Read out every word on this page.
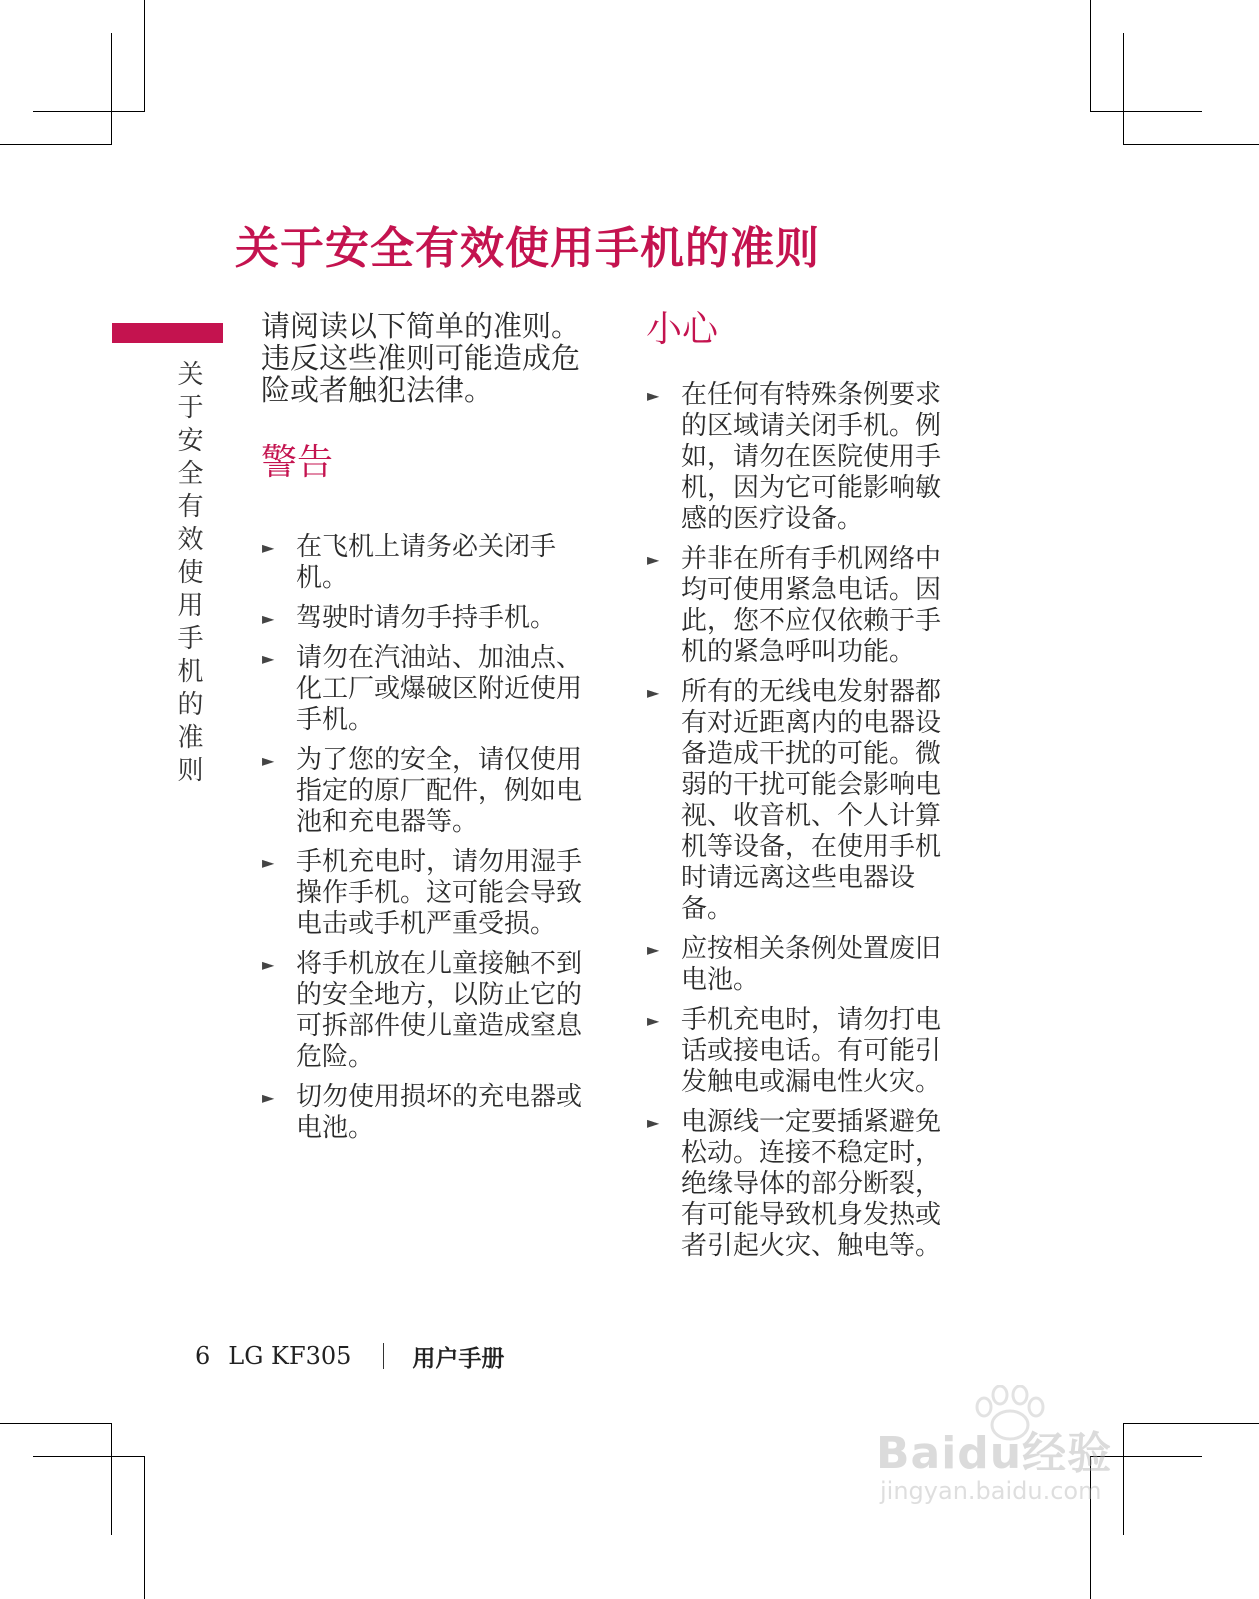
关于安全有效使用手机的准则
关于安全有效使用手机的准则

请阅读以下简单的准则。违反这些准则可能造成危险或者触犯法律。

警告
► 在飞机上请务必关闭手机。
► 驾驶时请勿手持手机。
► 请勿在汽油站、加油点、化工厂或爆破区附近使用手机。
► 为了您的安全，请仅使用指定的原厂配件，例如电池和充电器等。
► 手机充电时，请勿用湿手操作手机。这可能会导致电击或手机严重受损。
► 将手机放在儿童接触不到的安全地方，以防止它的可拆部件使儿童造成窒息危险。
► 切勿使用损坏的充电器或电池。
小心
► 在任何有特殊条例要求的区域请关闭手机。例如，请勿在医院使用手机，因为它可能影响敏感的医疗设备。
► 并非在所有手机网络中均可使用紧急电话。因此，您不应仅依赖于手机的紧急呼叫功能。
► 所有的无线电发射器都有对近距离内的电器设备造成干扰的可能。微弱的干扰可能会影响电视、收音机、个人计算机等设备，在使用手机时请远离这些电器设备。
► 应按相关条例处置废旧电池。
► 手机充电时，请勿打电话或接电话。有可能引发触电或漏电性火灾。
► 电源线一定要插紧避免松动。连接不稳定时，绝缘导体的部分断裂，有可能导致机身发热或者引起火灾、触电等。
6 LG KF305	用户手册
Baidu经验
jingyan.baidu.com
